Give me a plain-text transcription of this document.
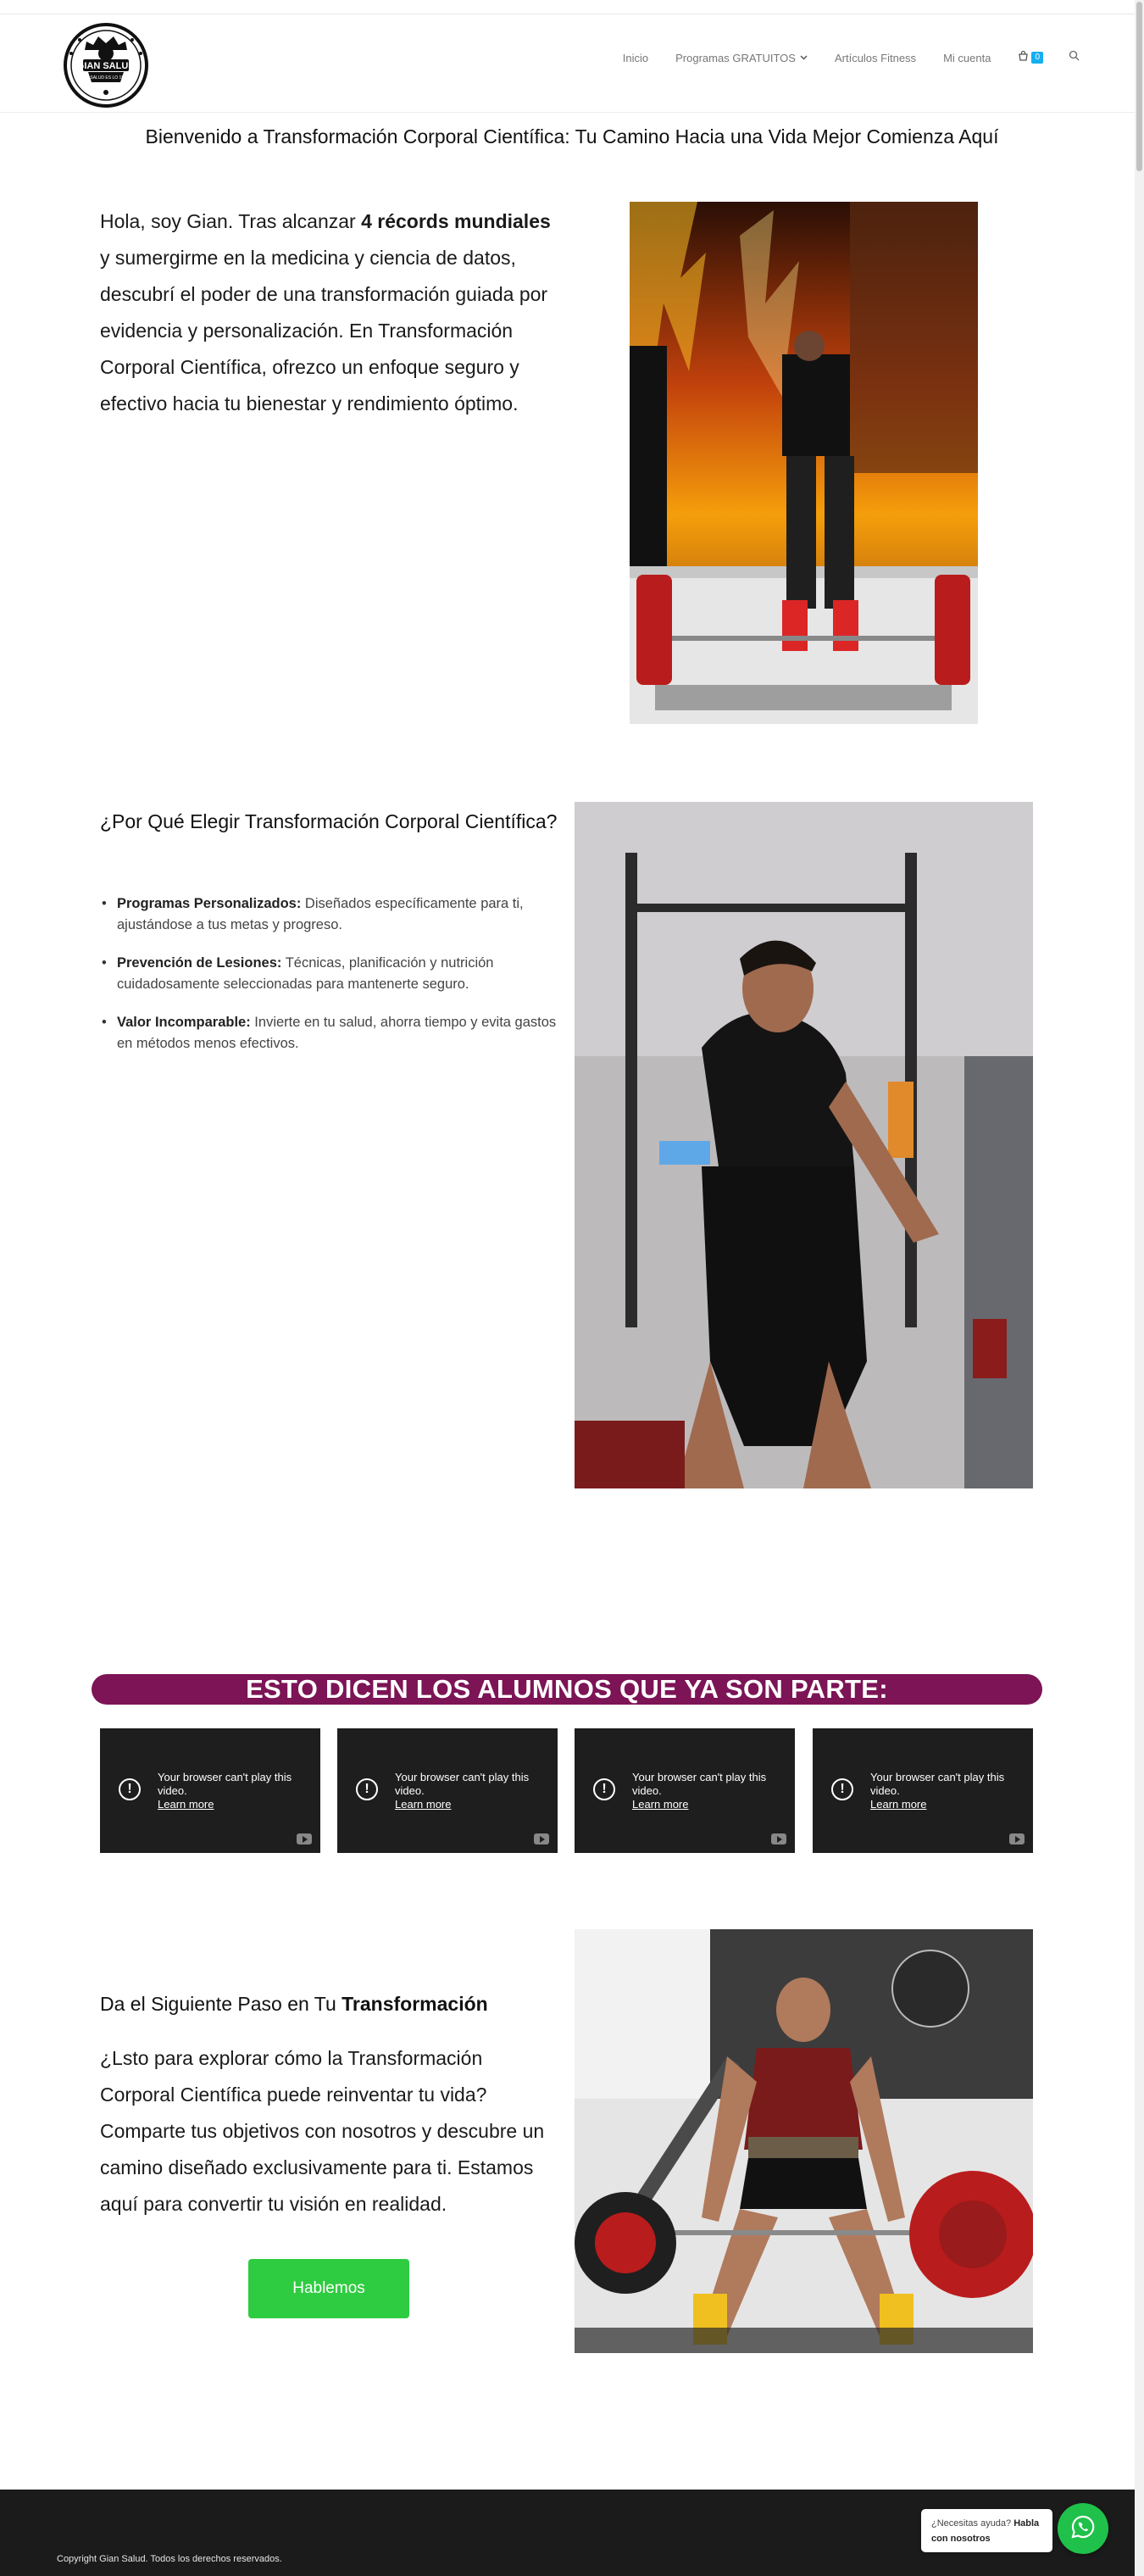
GIAN SALUD
LA SALUD ES LO 1RO
Inicio Programas GRATUITOS	Artículos Fitness Mi cuenta	0
Bienvenido a Transformación Corporal Científica: Tu Camino Hacia una Vida Mejor Comienza Aquí

Hola, soy Gian. Tras alcanzar 4 récords mundiales y sumergirme en la medicina y ciencia de datos, descubrí el poder de una transformación guiada por evidencia y personalización. En Transformación Corporal Científica, ofrezco un enfoque seguro y efectivo hacia tu bienestar y rendimiento óptimo.

¿Por Qué Elegir Transformación Corporal Científica?
• Programas Personalizados: Diseñados específicamente para ti, ajustándose a tus metas y progreso.
• Prevención de Lesiones: Técnicas, planificación y nutrición cuidadosamente seleccionadas para mantenerte seguro.
• Valor Incomparable: Invierte en tu salud, ahorra tiempo y evita gastos en métodos menos efectivos.
ESTO DICEN LOS ALUMNOS QUE YA SON PARTE:
!
Your browser can't play this video.
Learn more
!
Your browser can't play this video.
Learn more
!
Your browser can't play this video.
Learn more
!
Your browser can't play this video.
Learn more
Da el Siguiente Paso en Tu Transformación

¿Lsto para explorar cómo la Transformación Corporal Científica puede reinventar tu vida? Comparte tus objetivos con nosotros y descubre un camino diseñado exclusivamente para ti. Estamos aquí para convertir tu visión en realidad.

Hablemos
Copyright Gian Salud. Todos los derechos reservados.
¿Necesitas ayuda? Habla con nosotros
